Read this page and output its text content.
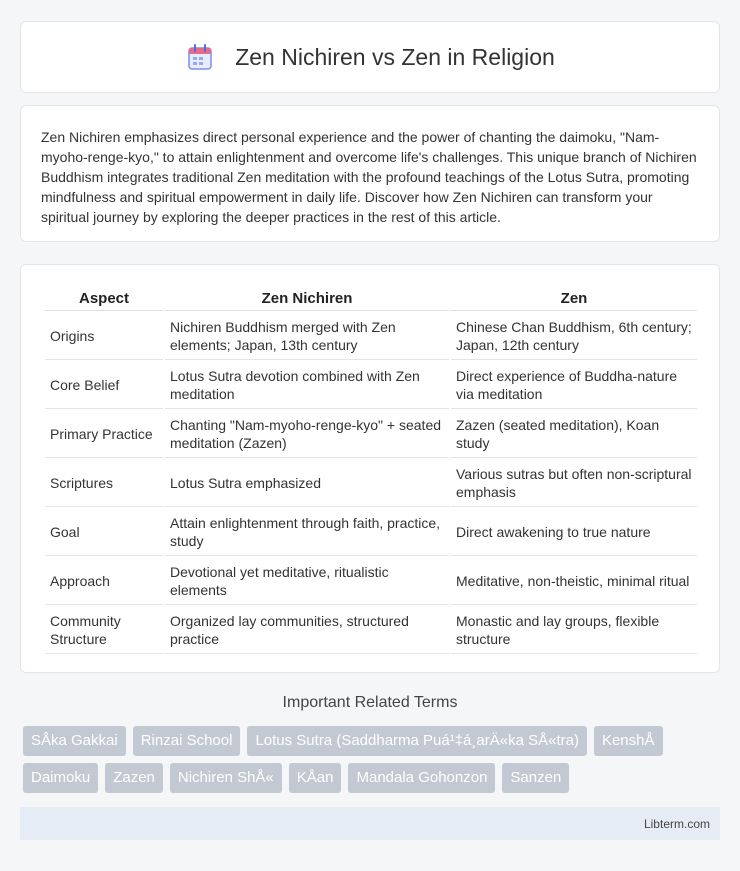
Zen Nichiren vs Zen in Religion

Zen Nichiren emphasizes direct personal experience and the power of chanting the daimoku, "Nam-myoho-renge-kyo," to attain enlightenment and overcome life's challenges. This unique branch of Nichiren Buddhism integrates traditional Zen meditation with the profound teachings of the Lotus Sutra, promoting mindfulness and spiritual empowerment in daily life. Discover how Zen Nichiren can transform your spiritual journey by exploring the deeper practices in the rest of this article.

Aspect	Zen Nichiren	Zen
Origins	Nichiren Buddhism merged with Zen elements; Japan, 13th century	Chinese Chan Buddhism, 6th century; Japan, 12th century
Core Belief	Lotus Sutra devotion combined with Zen meditation	Direct experience of Buddha-nature via meditation
Primary Practice	Chanting "Nam-myoho-renge-kyo" + seated meditation (Zazen)	Zazen (seated meditation), Koan study
Scriptures	Lotus Sutra emphasized	Various sutras but often non-scriptural emphasis
Goal	Attain enlightenment through faith, practice, study	Direct awakening to true nature
Approach	Devotional yet meditative, ritualistic elements	Meditative, non-theistic, minimal ritual
Community Structure	Organized lay communities, structured practice	Monastic and lay groups, flexible structure
Important Related Terms
SÅka Gakkai	Rinzai School	Lotus Sutra (Saddharma Puá¹‡á¸arÄ«ka SÅ«tra)	KenshÅ
Daimoku	Zazen	Nichiren ShÅ«	KÅan	Mandala Gohonzon	Sanzen
Libterm.com
